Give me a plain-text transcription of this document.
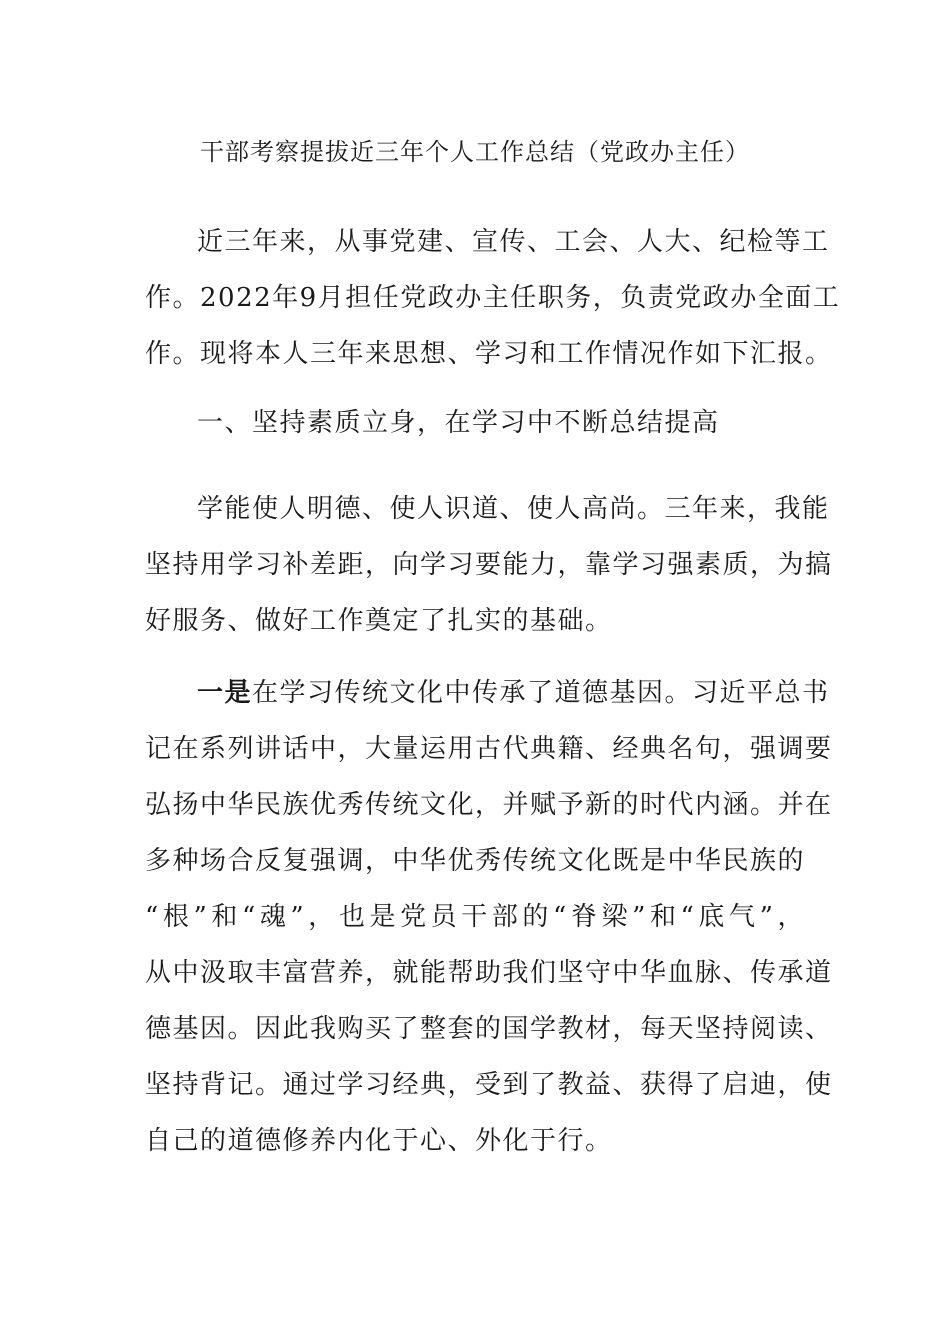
干部考察提拔近三年个人工作总结（党政办主任）
近三年来，从事党建、宣传、工会、人大、纪检等工
作。2022年9月担任党政办主任职务，负责党政办全面工
作。现将本人三年来思想、学习和工作情况作如下汇报。
一、坚持素质立身，在学习中不断总结提高
学能使人明德、使人识道、使人高尚。三年来，我能
坚持用学习补差距，向学习要能力，靠学习强素质，为搞
好服务、做好工作奠定了扎实的基础。
一是在学习传统文化中传承了道德基因。习近平总书
记在系列讲话中，大量运用古代典籍、经典名句，强调要
弘扬中华民族优秀传统文化，并赋予新的时代内涵。并在
多种场合反复强调，中华优秀传统文化既是中华民族的
“根”和“魂”，也是党员干部的“脊梁”和“底气”，
从中汲取丰富营养，就能帮助我们坚守中华血脉、传承道
德基因。因此我购买了整套的国学教材，每天坚持阅读、
坚持背记。通过学习经典，受到了教益、获得了启迪，使
自己的道德修养内化于心、外化于行。
